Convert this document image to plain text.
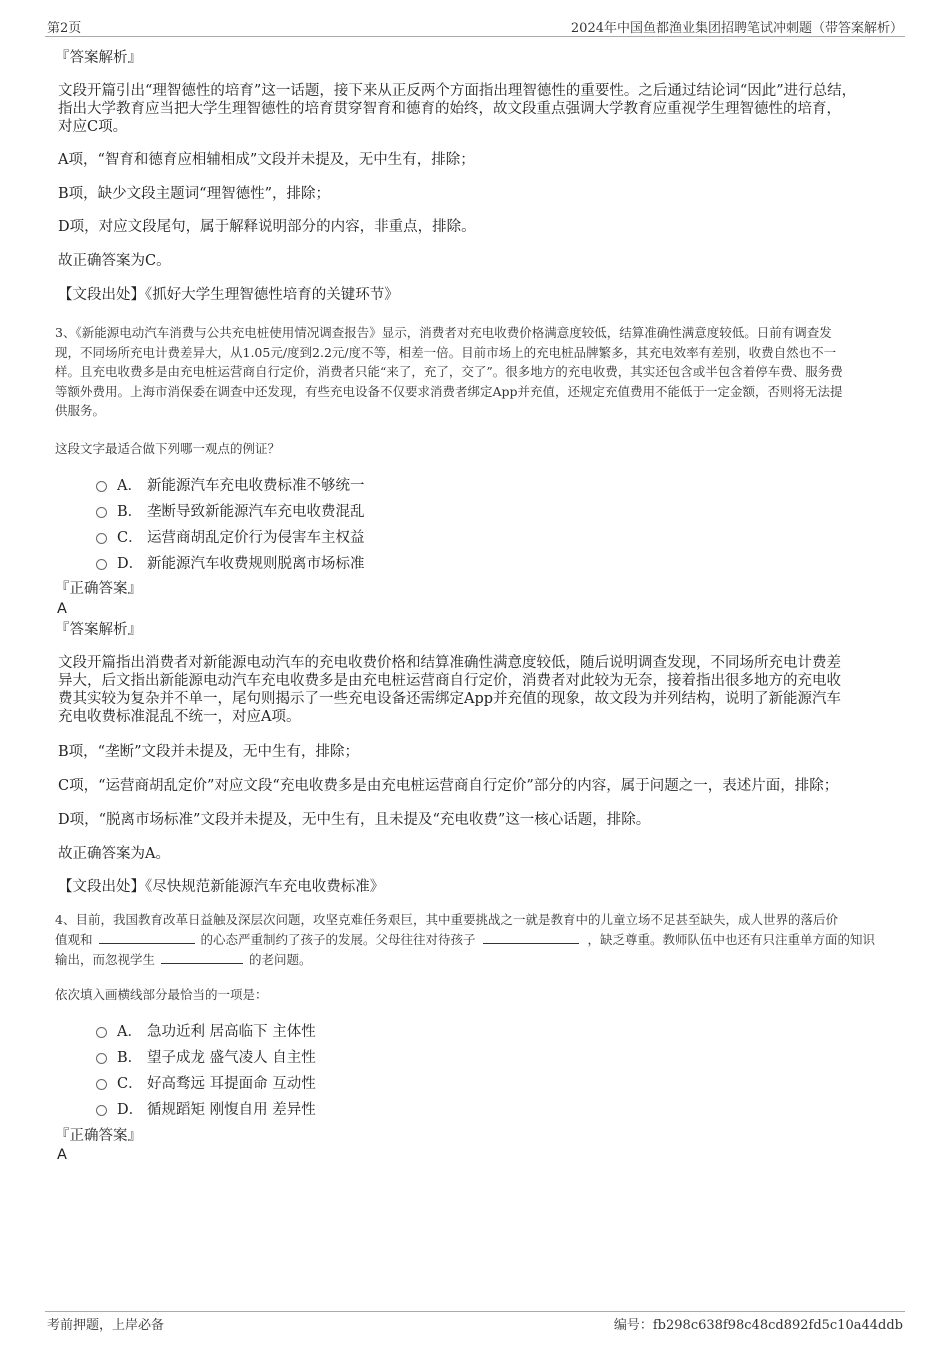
第2页	2024年中国鱼都渔业集团招聘笔试冲刺题（带答案解析）
『答案解析』
文段开篇引出“理智德性的培育”这一话题，接下来从正反两个方面指出理智德性的重要性。之后通过结论词“因此”进行总结，
指出大学教育应当把大学生理智德性的培育贯穿智育和德育的始终，故文段重点强调大学教育应重视学生理智德性的培育，
对应C项。
A项，“智育和德育应相辅相成”文段并未提及，无中生有，排除；
B项，缺少文段主题词“理智德性”，排除；
D项，对应文段尾句，属于解释说明部分的内容，非重点，排除。
故正确答案为C。
【文段出处】《抓好大学生理智德性培育的关键环节》
3、《新能源电动汽车消费与公共充电桩使用情况调查报告》显示，消费者对充电收费价格满意度较低，结算准确性满意度较低。日前有调查发
现，不同场所充电计费差异大，从1.05元/度到2.2元/度不等，相差一倍。目前市场上的充电桩品牌繁多，其充电效率有差别，收费自然也不一
样。且充电收费多是由充电桩运营商自行定价，消费者只能“来了，充了，交了”。很多地方的充电收费，其实还包含或半包含着停车费、服务费
等额外费用。上海市消保委在调查中还发现，有些充电设备不仅要求消费者绑定App并充值，还规定充值费用不能低于一定金额，否则将无法提
供服务。
这段文字最适合做下列哪一观点的例证？
A． 新能源汽车充电收费标准不够统一
B． 垄断导致新能源汽车充电收费混乱
C． 运营商胡乱定价行为侵害车主权益
D． 新能源汽车收费规则脱离市场标准
『正确答案』
A
『答案解析』
文段开篇指出消费者对新能源电动汽车的充电收费价格和结算准确性满意度较低，随后说明调查发现，不同场所充电计费差
异大，后文指出新能源电动汽车充电收费多是由充电桩运营商自行定价，消费者对此较为无奈，接着指出很多地方的充电收
费其实较为复杂并不单一，尾句则揭示了一些充电设备还需绑定App并充值的现象，故文段为并列结构，说明了新能源汽车
充电收费标准混乱不统一，对应A项。
B项，“垄断”文段并未提及，无中生有，排除；
C项，“运营商胡乱定价”对应文段“充电收费多是由充电桩运营商自行定价”部分的内容，属于问题之一，表述片面，排除；
D项，“脱离市场标准”文段并未提及，无中生有，且未提及“充电收费”这一核心话题，排除。
故正确答案为A。
【文段出处】《尽快规范新能源汽车充电收费标准》
4、目前，我国教育改革日益触及深层次问题，攻坚克难任务艰巨，其中重要挑战之一就是教育中的儿童立场不足甚至缺失，成人世界的落后价
值观和	的心态严重制约了孩子的发展。父母往往对待孩子	，缺乏尊重。教师队伍中也还有只注重单方面的知识
输出，而忽视学生	的老问题。
依次填入画横线部分最恰当的一项是：
A． 急功近利 居高临下 主体性
B． 望子成龙 盛气凌人 自主性
C． 好高骛远 耳提面命 互动性
D． 循规蹈矩 刚愎自用 差异性
『正确答案』
A
考前押题，上岸必备	编号：fb298c638f98c48cd892fd5c10a44ddb
